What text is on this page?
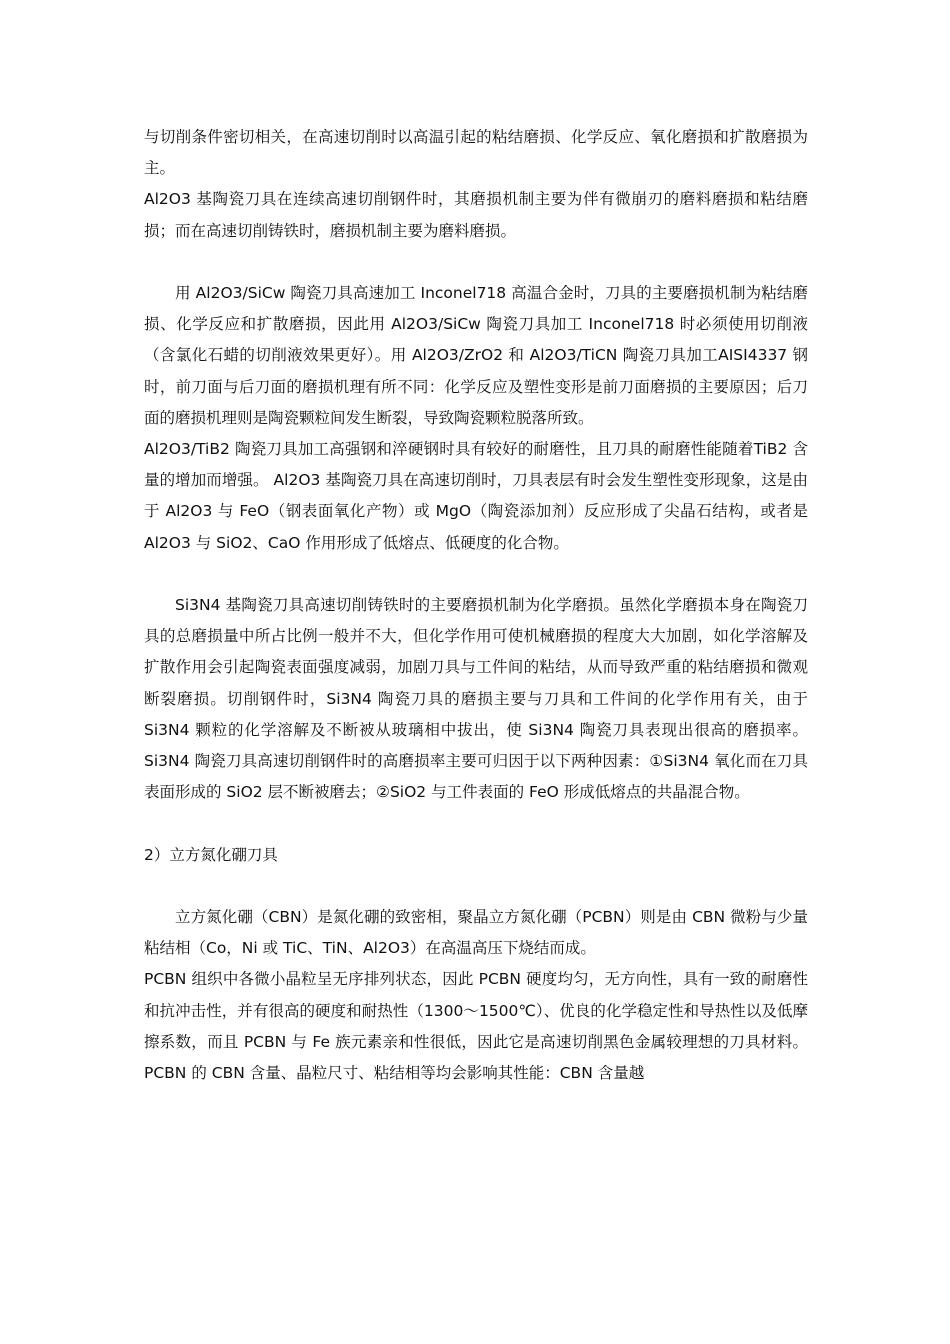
与切削条件密切相关，在高速切削时以高温引起的粘结磨损、化学反应、氧化磨损和扩散磨损为主。

Al2O3 基陶瓷刀具在连续高速切削钢件时，其磨损机制主要为伴有微崩刃的磨料磨损和粘结磨损；而在高速切削铸铁时，磨损机制主要为磨料磨损。

用 Al2O3/SiCw 陶瓷刀具高速加工 Inconel718 高温合金时，刀具的主要磨损机制为粘结磨损、化学反应和扩散磨损，因此用 Al2O3/SiCw 陶瓷刀具加工 Inconel718 时必须使用切削液（含氯化石蜡的切削液效果更好）。用 Al2O3/ZrO2 和 Al2O3/TiCN 陶瓷刀具加工AISI4337 钢时，前刀面与后刀面的磨损机理有所不同：化学反应及塑性变形是前刀面磨损的主要原因；后刀面的磨损机理则是陶瓷颗粒间发生断裂，导致陶瓷颗粒脱落所致。

Al2O3/TiB2 陶瓷刀具加工高强钢和淬硬钢时具有较好的耐磨性，且刀具的耐磨性能随着TiB2 含量的增加而增强。 Al2O3 基陶瓷刀具在高速切削时，刀具表层有时会发生塑性变形现象，这是由于 Al2O3 与 FeO（钢表面氧化产物）或 MgO（陶瓷添加剂）反应形成了尖晶石结构，或者是 Al2O3 与 SiO2、CaO 作用形成了低熔点、低硬度的化合物。

Si3N4 基陶瓷刀具高速切削铸铁时的主要磨损机制为化学磨损。虽然化学磨损本身在陶瓷刀具的总磨损量中所占比例一般并不大，但化学作用可使机械磨损的程度大大加剧，如化学溶解及扩散作用会引起陶瓷表面强度减弱，加剧刀具与工件间的粘结，从而导致严重的粘结磨损和微观断裂磨损。切削钢件时，Si3N4 陶瓷刀具的磨损主要与刀具和工件间的化学作用有关，由于 Si3N4 颗粒的化学溶解及不断被从玻璃相中拔出，使 Si3N4 陶瓷刀具表现出很高的磨损率。 Si3N4 陶瓷刀具高速切削钢件时的高磨损率主要可归因于以下两种因素：①Si3N4 氧化而在刀具表面形成的 SiO2 层不断被磨去；②SiO2 与工件表面的 FeO 形成低熔点的共晶混合物。

2）立方氮化硼刀具

立方氮化硼（CBN）是氮化硼的致密相，聚晶立方氮化硼（PCBN）则是由 CBN 微粉与少量粘结相（Co，Ni 或 TiC、TiN、Al2O3）在高温高压下烧结而成。

PCBN 组织中各微小晶粒呈无序排列状态，因此 PCBN 硬度均匀，无方向性，具有一致的耐磨性和抗冲击性，并有很高的硬度和耐热性（1300～1500℃）、优良的化学稳定性和导热性以及低摩擦系数，而且 PCBN 与 Fe 族元素亲和性很低，因此它是高速切削黑色金属较理想的刀具材料。PCBN 的 CBN 含量、晶粒尺寸、粘结相等均会影响其性能：CBN 含量越
